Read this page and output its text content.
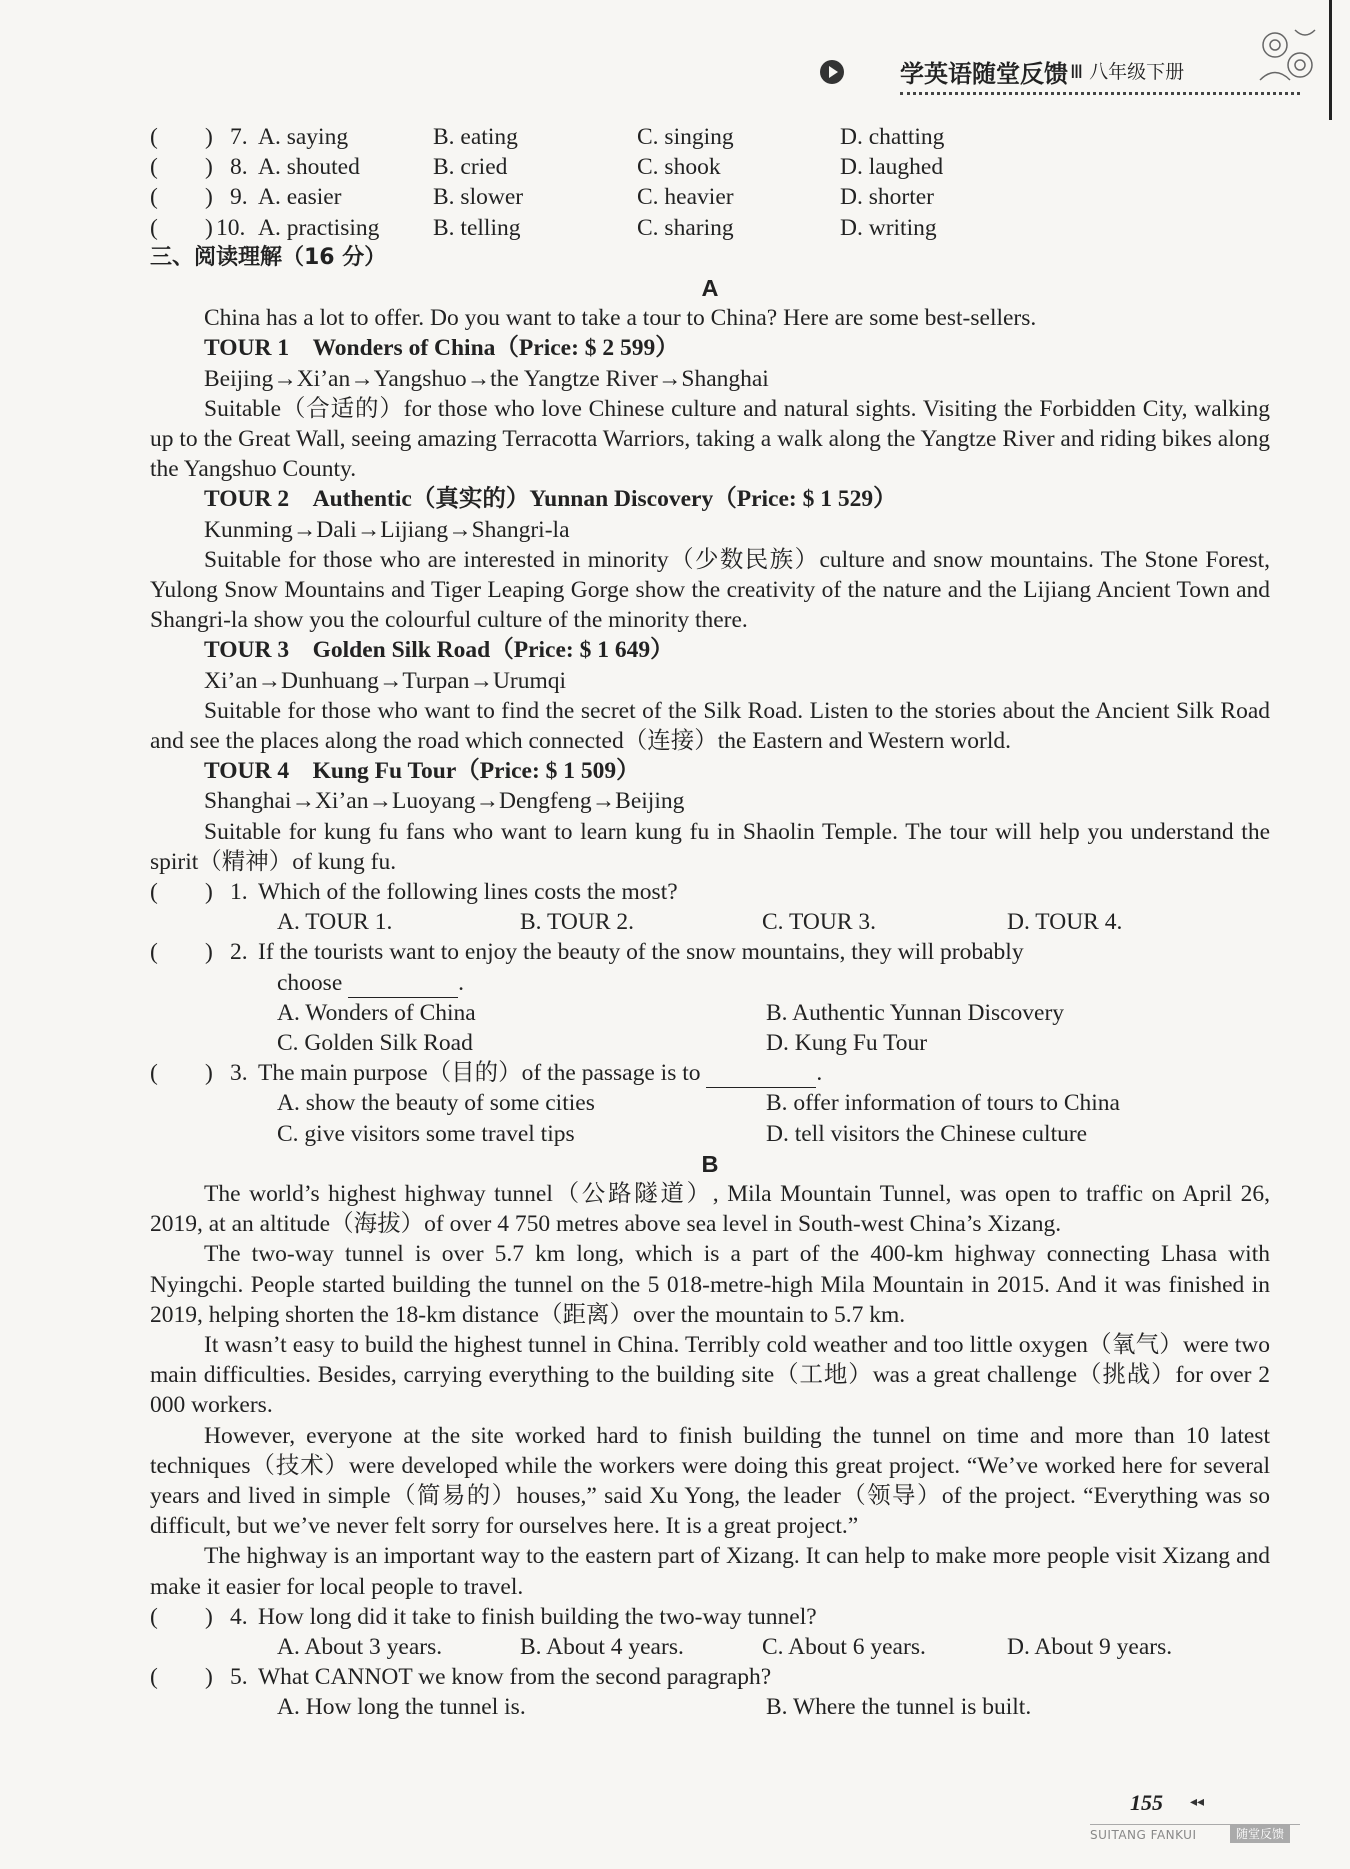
学英语随堂反馈 Ⅲ 八年级下册
( ) 7. A. saying	B. eating	C. singing	D. chatting
( ) 8. A. shouted	B. cried	C. shook	D. laughed
( ) 9. A. easier	B. slower	C. heavier	D. shorter
( ) 10. A. practising B. telling	C. sharing	D. writing
三、阅读理解（16 分）
A
China has a lot to offer. Do you want to take a tour to China? Here are some best-sellers.
TOUR 1　Wonders of China（Price: $ 2 599）
Beijing→Xi’an→Yangshuo→the Yangtze River→Shanghai
Suitable（合适的）for those who love Chinese culture and natural sights. Visiting the Forbidden City, walking up to the Great Wall, seeing amazing Terracotta Warriors, taking a walk along the Yangtze River and riding bikes along the Yangshuo County.
TOUR 2　Authentic（真实的）Yunnan Discovery（Price: $ 1 529）
Kunming→Dali→Lijiang→Shangri-la
Suitable for those who are interested in minority（少数民族）culture and snow mountains. The Stone Forest, Yulong Snow Mountains and Tiger Leaping Gorge show the creativity of the nature and the Lijiang Ancient Town and Shangri-la show you the colourful culture of the minority there.
TOUR 3　Golden Silk Road（Price: $ 1 649）
Xi’an→Dunhuang→Turpan→Urumqi
Suitable for those who want to find the secret of the Silk Road. Listen to the stories about the Ancient Silk Road and see the places along the road which connected（连接）the Eastern and Western world.
TOUR 4　Kung Fu Tour（Price: $ 1 509）
Shanghai→Xi’an→Luoyang→Dengfeng→Beijing
Suitable for kung fu fans who want to learn kung fu in Shaolin Temple. The tour will help you understand the spirit（精神）of kung fu.
( ) 1. Which of the following lines costs the most?
A. TOUR 1.	B. TOUR 2.	C. TOUR 3.	D. TOUR 4.
( ) 2. If the tourists want to enjoy the beauty of the snow mountains, they will probably
choose	.
A. Wonders of China	B. Authentic Yunnan Discovery
C. Golden Silk Road	D. Kung Fu Tour
( ) 3. The main purpose（目的）of the passage is to	.
A. show the beauty of some cities	B. offer information of tours to China
C. give visitors some travel tips	D. tell visitors the Chinese culture
B
The world’s highest highway tunnel（公路隧道）, Mila Mountain Tunnel, was open to traffic on April 26, 2019, at an altitude（海拔）of over 4 750 metres above sea level in South-west China’s Xizang.
The two-way tunnel is over 5.7 km long, which is a part of the 400-km highway connecting Lhasa with Nyingchi. People started building the tunnel on the 5 018-metre-high Mila Mountain in 2015. And it was finished in 2019, helping shorten the 18-km distance（距离）over the mountain to 5.7 km.
It wasn’t easy to build the highest tunnel in China. Terribly cold weather and too little oxygen（氧气）were two main difficulties. Besides, carrying everything to the building site（工地）was a great challenge（挑战）for over 2 000 workers.
However, everyone at the site worked hard to finish building the tunnel on time and more than 10 latest techniques（技术）were developed while the workers were doing this great project. “We’ve worked here for several years and lived in simple（简易的）houses,” said Xu Yong, the leader（领导）of the project. “Everything was so difficult, but we’ve never felt sorry for ourselves here. It is a great project.”
The highway is an important way to the eastern part of Xizang. It can help to make more people visit Xizang and make it easier for local people to travel.
( ) 4. How long did it take to finish building the two-way tunnel?
A. About 3 years.	B. About 4 years.	C. About 6 years.	D. About 9 years.
( ) 5. What CANNOT we know from the second paragraph?
A. How long the tunnel is.	B. Where the tunnel is built.
155 ◂◂
SUITANG FANKUI	随堂反馈
